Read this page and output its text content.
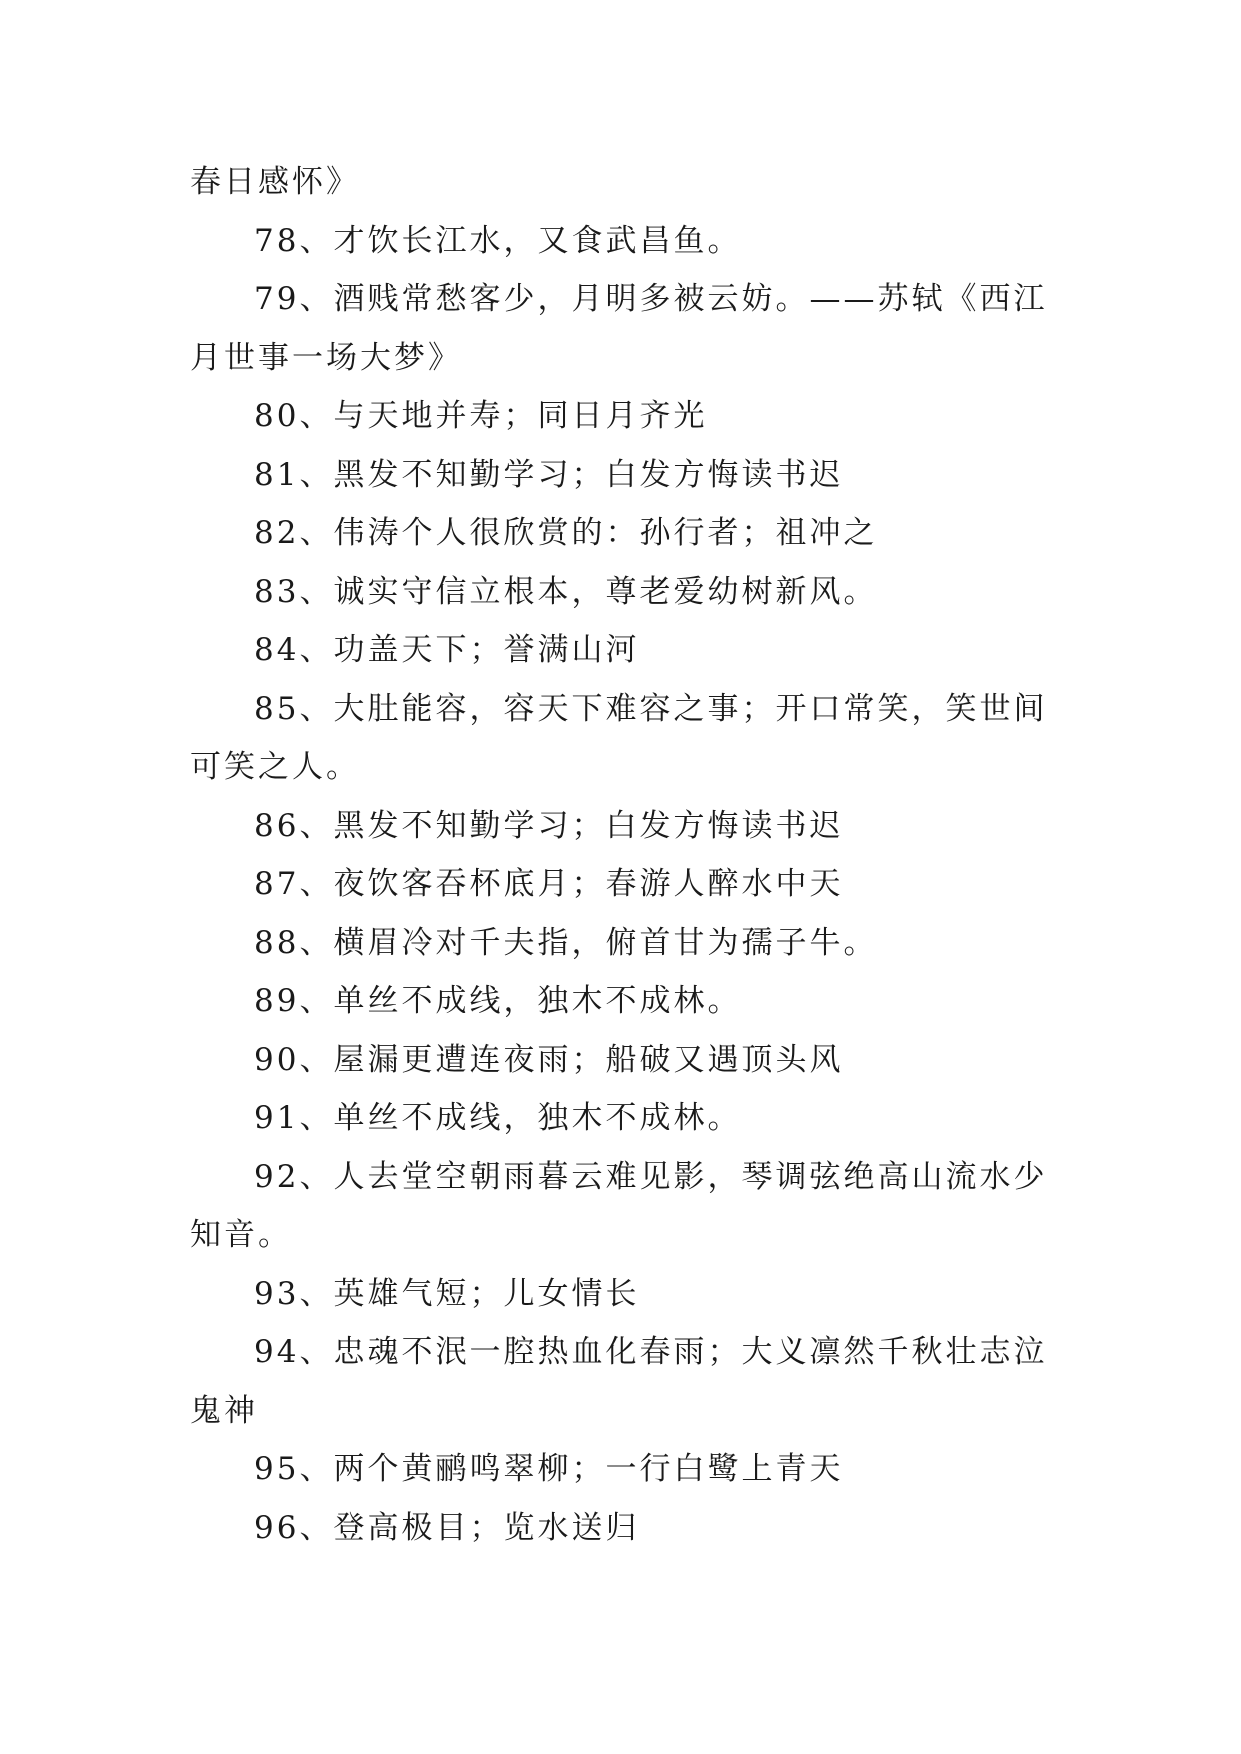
春日感怀》

78、才饮长江水，又食武昌鱼。

79、酒贱常愁客少，月明多被云妨。——苏轼《西江月世事一场大梦》

80、与天地并寿；同日月齐光

81、黑发不知勤学习；白发方悔读书迟

82、伟涛个人很欣赏的：孙行者；祖冲之

83、诚实守信立根本，尊老爱幼树新风。

84、功盖天下；誉满山河

85、大肚能容，容天下难容之事；开口常笑，笑世间可笑之人。

86、黑发不知勤学习；白发方悔读书迟

87、夜饮客吞杯底月；春游人醉水中天

88、横眉冷对千夫指，俯首甘为孺子牛。

89、单丝不成线，独木不成林。

90、屋漏更遭连夜雨；船破又遇顶头风

91、单丝不成线，独木不成林。

92、人去堂空朝雨暮云难见影，琴调弦绝高山流水少知音。

93、英雄气短；儿女情长

94、忠魂不泯一腔热血化春雨；大义凛然千秋壮志泣鬼神

95、两个黄鹂鸣翠柳；一行白鹭上青天

96、登高极目；览水送归
